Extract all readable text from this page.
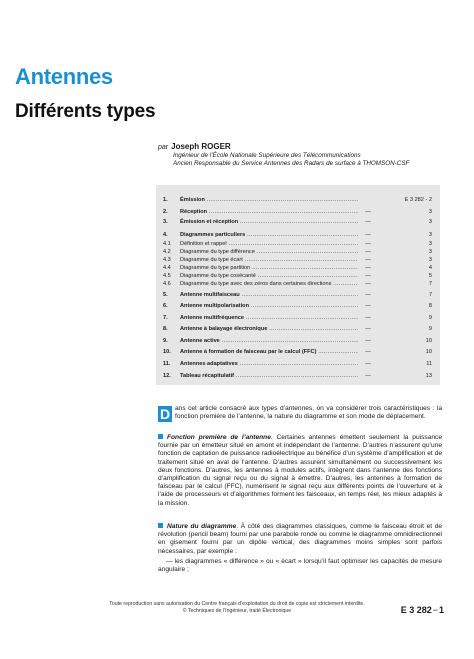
Antennes
Différents types
par Joseph ROGER
Ingénieur de l’École Nationale Supérieure des Télécommunications
Ancien Responsable du Service Antennes des Radars de surface à THOMSON-CSF
1. Émission .....	E 3 282 - 2
2. Réception .....	—	3
3. Émission et réception .....	—	3
4. Diagrammes particuliers .....	—	3
4.1 Définition et rappel .....	—	3
4.2 Diagramme du type différence .....	—	3
4.3 Diagramme du type écart .....	—	3
4.4 Diagramme du type partition .....	—	4
4.5 Diagramme du type cosécanté .....	—	5
4.6 Diagramme du type avec des zéros dans certaines directions .....	—	7
5. Antenne multifaisceau .....	—	7
6. Antenne multipolarisation .....	—	8
7. Antenne multifréquence .....	—	9
8. Antenne à balayage électronique .....	—	9
9. Antenne active .....	—	10
10. Antenne à formation de faisceau par le calcul (FFC) .....	—	10
11. Antennes adaptatives .....	—	11
12. Tableau récapitulatif .....	—	13
D ans cet article consacré aux types d’antennes, on va considérer trois caractéristiques : la fonction première de l’antenne, la nature du diagramme et son mode de déplacement.
Fonction première de l’antenne. Certaines antennes émettent seulement la puissance fournie par un émetteur situé en amont et indépendant de l’antenne. D’autres n’assurent qu’une fonction de captation de puissance radioélectrique au bénéfice d’un système d’amplification et de traitement situé en aval de l’antenne. D’autres assurent simultanément ou successivement les deux fonctions. D’autres, les antennes à modules actifs, intègrent dans l’antenne des fonctions d’amplification du signal reçu ou du signal à émettre. D’autres, les antennes à formation de faisceau par le calcul (FFC), numérisent le signal reçu aux différents points de l’ouverture et à l’aide de processeurs et d’algorithmes forment les faisceaux, en temps réel, les mieux adaptés à la mission.
Nature du diagramme. À côté des diagrammes classiques, comme le faisceau étroit et de révolution (pencil beam) fourni par une parabole ronde ou comme le diagramme omnidirectionnel en gisement fourni par un dipôle vertical, des diagrammes moins simples sont parfois nécessaires, par exemple :
— les diagrammes « différence » ou « écart » lorsqu’il faut optimiser les capacités de mesure angulaire ;
Toute reproduction sans autorisation du Centre français d’exploitation du droit de copie est strictement interdite.
© Techniques de l’Ingénieur, traité Électronique	E 3 282−1
